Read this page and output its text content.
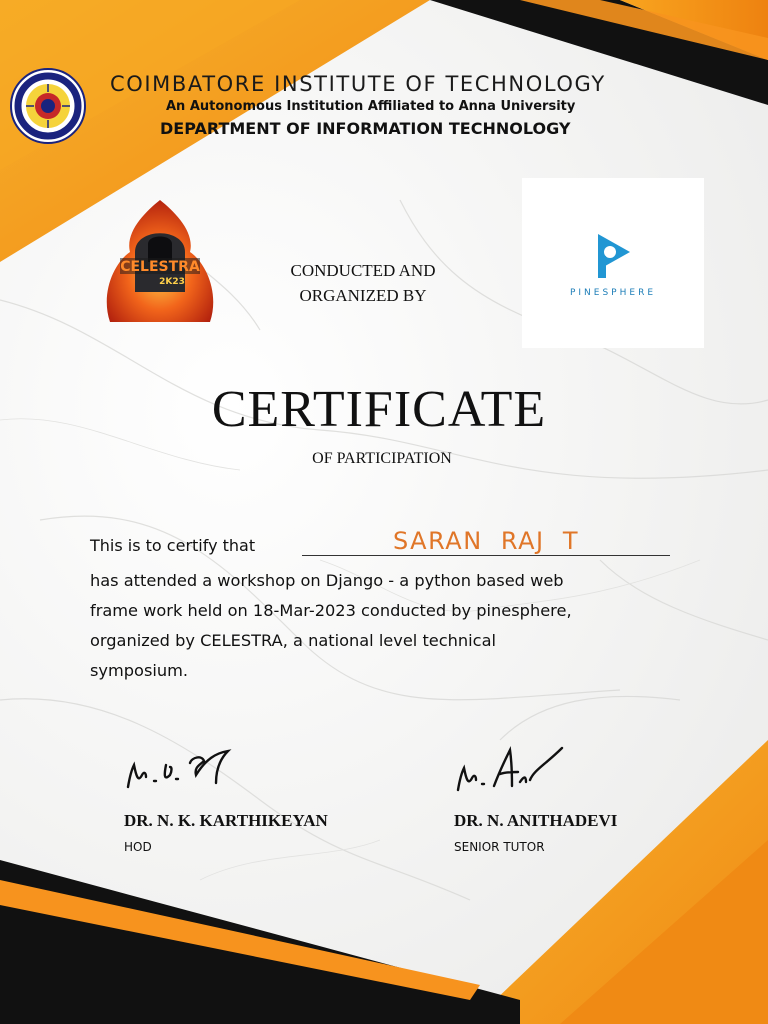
COIMBATORE INSTITUTE OF TECHNOLOGY
An Autonomous Institution Affiliated to Anna University
DEPARTMENT OF INFORMATION TECHNOLOGY
CELESTRA
2K23
CONDUCTED AND
ORGANIZED BY	PINESPHERE
CERTIFICATE
OF PARTICIPATION
This is to certify that	SARAN  RAJ  T
has attended a workshop on Django - a python based web
frame work held on 18-Mar-2023 conducted by pinesphere,
organized by CELESTRA, a national level technical
symposium.
DR. N. K. KARTHIKEYAN
HOD
DR. N. ANITHADEVI
SENIOR TUTOR
